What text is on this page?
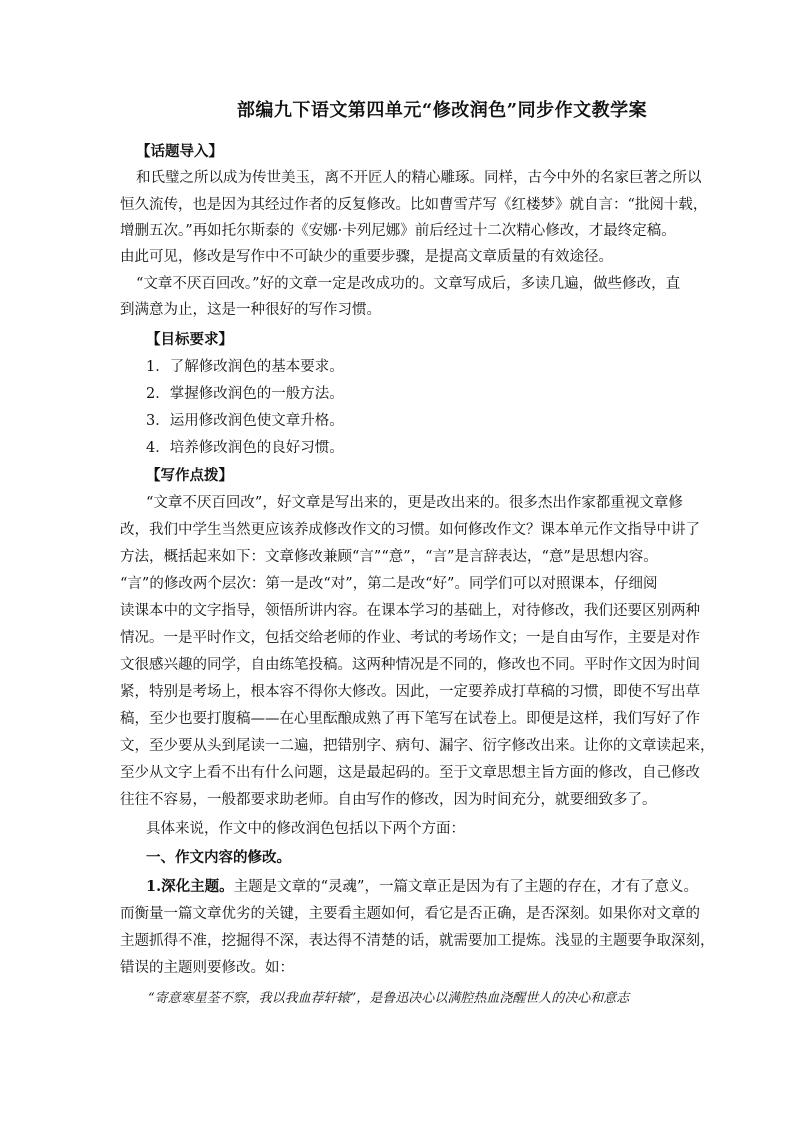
部编九下语文第四单元“修改润色”同步作文教学案
【话题导入】
和氏璧之所以成为传世美玉，离不开匠人的精心雕琢。同样，古今中外的名家巨著之所以
恒久流传，也是因为其经过作者的反复修改。比如曹雪芹写《红楼梦》就自言：“批阅十载，
增删五次。”再如托尔斯泰的《安娜·卡列尼娜》前后经过十二次精心修改，才最终定稿。
由此可见，修改是写作中不可缺少的重要步骤，是提高文章质量的有效途径。
“文章不厌百回改。”好的文章一定是改成功的。文章写成后，多读几遍，做些修改，直
到满意为止，这是一种很好的写作习惯。
【目标要求】
1．了解修改润色的基本要求。
2．掌握修改润色的一般方法。
3．运用修改润色使文章升格。
4．培养修改润色的良好习惯。
【写作点拨】
“文章不厌百回改”，好文章是写出来的，更是改出来的。很多杰出作家都重视文章修
改，我们中学生当然更应该养成修改作文的习惯。如何修改作文？课本单元作文指导中讲了
方法，概括起来如下：文章修改兼顾“言”“意”，“言”是言辞表达，“意”是思想内容。
“言”的修改两个层次：第一是改“对”，第二是改“好”。同学们可以对照课本，仔细阅
读课本中的文字指导，领悟所讲内容。在课本学习的基础上，对待修改，我们还要区别两种
情况。一是平时作文，包括交给老师的作业、考试的考场作文；一是自由写作，主要是对作
文很感兴趣的同学，自由练笔投稿。这两种情况是不同的，修改也不同。平时作文因为时间
紧，特别是考场上，根本容不得你大修改。因此，一定要养成打草稿的习惯，即使不写出草
稿，至少也要打腹稿——在心里酝酿成熟了再下笔写在试卷上。即便是这样，我们写好了作
文，至少要从头到尾读一二遍，把错别字、病句、漏字、衍字修改出来。让你的文章读起来，
至少从文字上看不出有什么问题，这是最起码的。至于文章思想主旨方面的修改，自己修改
往往不容易，一般都要求助老师。自由写作的修改，因为时间充分，就要细致多了。
具体来说，作文中的修改润色包括以下两个方面：
一、作文内容的修改。
1.深化主题。主题是文章的“灵魂”，一篇文章正是因为有了主题的存在，才有了意义。
而衡量一篇文章优劣的关键，主要看主题如何，看它是否正确，是否深刻。如果你对文章的
主题抓得不准，挖掘得不深，表达得不清楚的话，就需要加工提炼。浅显的主题要争取深刻，
错误的主题则要修改。如：
“寄意寒星荃不察，我以我血荐轩辕”，是鲁迅决心以满腔热血浇醒世人的决心和意志
